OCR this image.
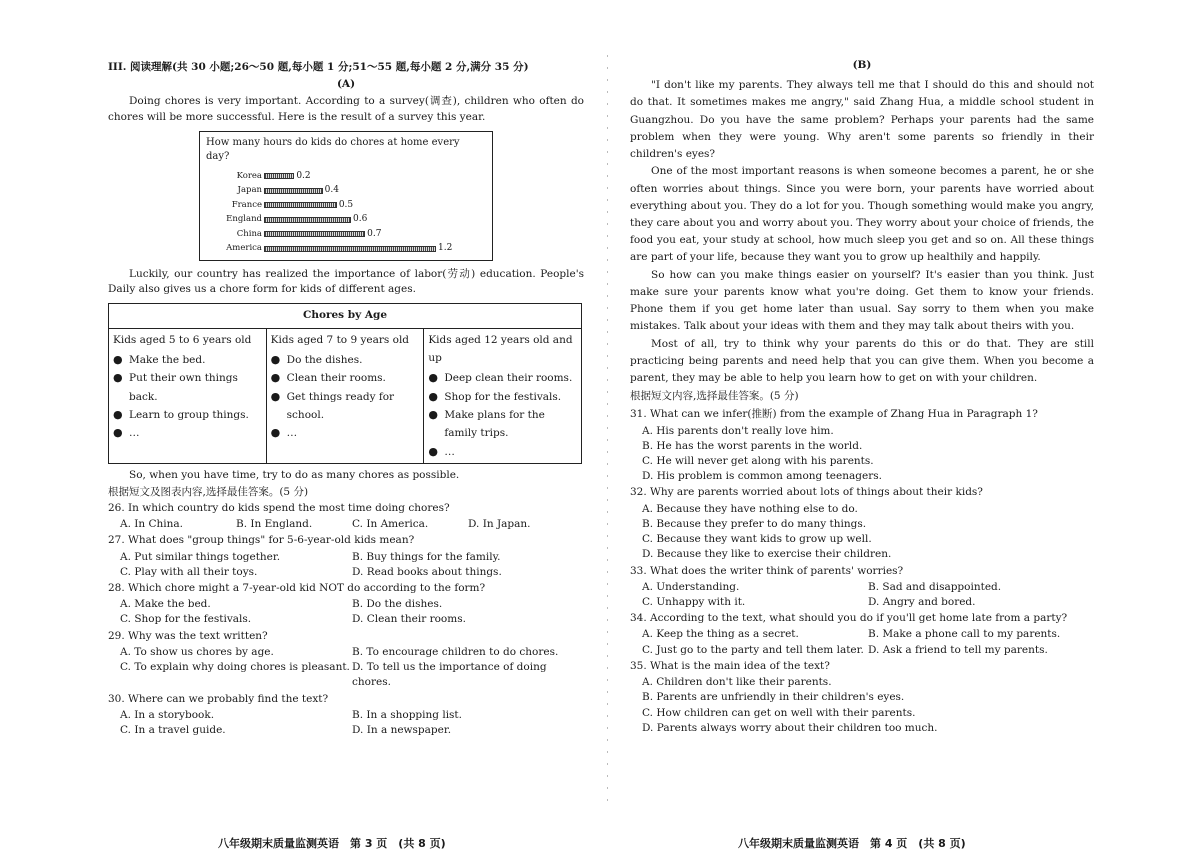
III. 阅读理解(共 30 小题;26～50 题,每小题 1 分;51～55 题,每小题 2 分,满分 35 分)
(A)

Doing chores is very important. According to a survey(调查), children who often do chores will be more successful. Here is the result of a survey this year.

How many hours do kids do chores at home every day?
Korea	0.2
Japan	0.4
France	0.5
England	0.6
China	0.7
America	1.2

Luckily, our country has realized the importance of labor(劳动) education. People's Daily also gives us a chore form for kids of different ages.

Chores by Age

Kids aged 5 to 6 years old
● Make the bed.
● Put their own things back.
● Learn to group things.
● …

Kids aged 7 to 9 years old
● Do the dishes.
● Clean their rooms.
● Get things ready for school.
● …

Kids aged 12 years old and up
● Deep clean their rooms.
● Shop for the festivals.
● Make plans for the family trips.
● …

So, when you have time, try to do as many chores as possible.

根据短文及图表内容,选择最佳答案。(5 分)
26. In which country do kids spend the most time doing chores?
A. In China.	B. In England.	C. In America.	D. In Japan.
27. What does "group things" for 5-6-year-old kids mean?
A. Put similar things together.	B. Buy things for the family.
C. Play with all their toys.	D. Read books about things.
28. Which chore might a 7-year-old kid NOT do according to the form?
A. Make the bed.	B. Do the dishes.
C. Shop for the festivals.	D. Clean their rooms.
29. Why was the text written?
A. To show us chores by age.	B. To encourage children to do chores.
C. To explain why doing chores is pleasant. D. To tell us the importance of doing chores.
30. Where can we probably find the text?
A. In a storybook.	B. In a shopping list.
C. In a travel guide.	D. In a newspaper.
八年级期末质量监测英语　第 3 页　(共 8 页)
(B)

"I don't like my parents. They always tell me that I should do this and should not do that. It sometimes makes me angry," said Zhang Hua, a middle school student in Guangzhou. Do you have the same problem? Perhaps your parents had the same problem when they were young. Why aren't some parents so friendly in their children's eyes?

One of the most important reasons is when someone becomes a parent, he or she often worries about things. Since you were born, your parents have worried about everything about you. They do a lot for you. Though something would make you angry, they care about you and worry about you. They worry about your choice of friends, the food you eat, your study at school, how much sleep you get and so on. All these things are part of your life, because they want you to grow up healthily and happily.

So how can you make things easier on yourself? It's easier than you think. Just make sure your parents know what you're doing. Get them to know your friends. Phone them if you get home later than usual. Say sorry to them when you make mistakes. Talk about your ideas with them and they may talk about theirs with you.

Most of all, try to think why your parents do this or do that. They are still practicing being parents and need help that you can give them. When you become a parent, they may be able to help you learn how to get on with your children.

根据短文内容,选择最佳答案。(5 分)
31. What can we infer(推断) from the example of Zhang Hua in Paragraph 1?
A. His parents don't really love him.
B. He has the worst parents in the world.
C. He will never get along with his parents.
D. His problem is common among teenagers.
32. Why are parents worried about lots of things about their kids?
A. Because they have nothing else to do.
B. Because they prefer to do many things.
C. Because they want kids to grow up well.
D. Because they like to exercise their children.
33. What does the writer think of parents' worries?
A. Understanding.	B. Sad and disappointed.
C. Unhappy with it.	D. Angry and bored.
34. According to the text, what should you do if you'll get home late from a party?
A. Keep the thing as a secret.	B. Make a phone call to my parents.
C. Just go to the party and tell them later. D. Ask a friend to tell my parents.
35. What is the main idea of the text?
A. Children don't like their parents.
B. Parents are unfriendly in their children's eyes.
C. How children can get on well with their parents.
D. Parents always worry about their children too much.
八年级期末质量监测英语　第 4 页　(共 8 页)
